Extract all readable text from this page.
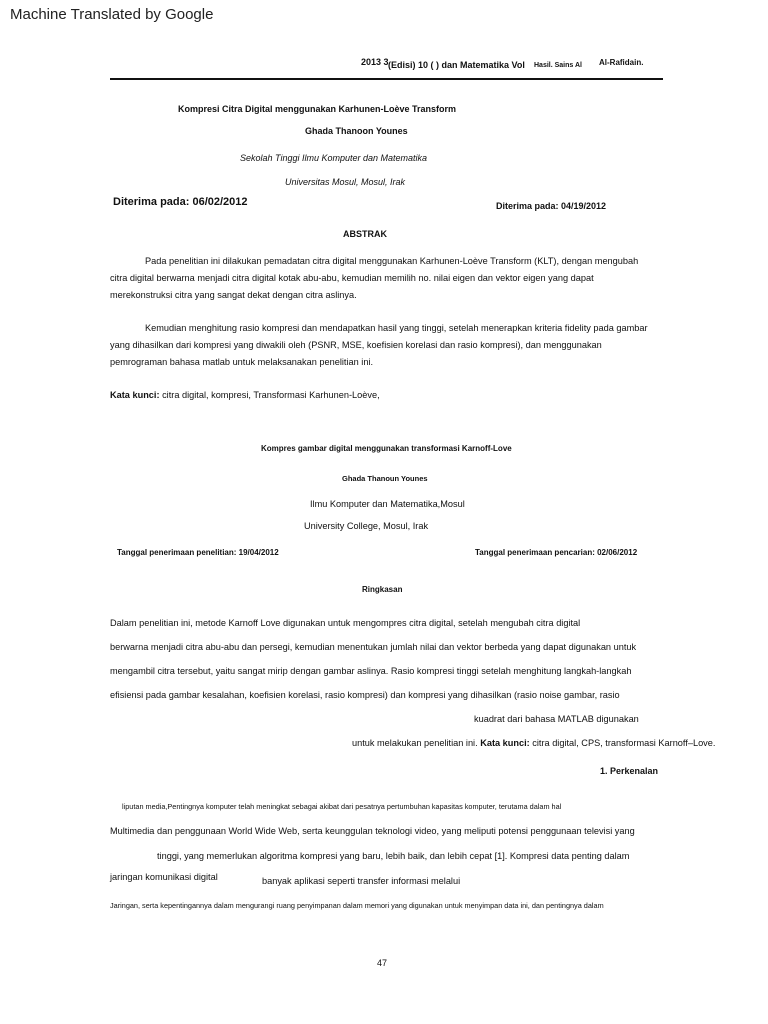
Machine Translated by Google
2013 3 (Edisi) 10 ( ) dan Matematika Vol Hasil. Sains Al Al-Rafidain.
Kompresi Citra Digital menggunakan Karhunen-Loève Transform
Ghada Thanoon Younes
Sekolah Tinggi Ilmu Komputer dan Matematika
Universitas Mosul, Mosul, Irak
Diterima pada: 06/02/2012	Diterima pada: 04/19/2012
ABSTRAK
Pada penelitian ini dilakukan pemadatan citra digital menggunakan Karhunen-Loève Transform (KLT), dengan mengubah
citra digital berwarna menjadi citra digital kotak abu-abu, kemudian memilih no. nilai eigen dan vektor eigen yang dapat
merekonstruksi citra yang sangat dekat dengan citra aslinya.
Kemudian menghitung rasio kompresi dan mendapatkan hasil yang tinggi, setelah menerapkan kriteria fidelity pada gambar
yang dihasilkan dari kompresi yang diwakili oleh (PSNR, MSE, koefisien korelasi dan rasio kompresi), dan menggunakan
pemrograman bahasa matlab untuk melaksanakan penelitian ini.
Kata kunci: citra digital, kompresi, Transformasi Karhunen-Loève,
Kompres gambar digital menggunakan transformasi Karnoff-Love
Ghada Thanoun Younes
Ilmu Komputer dan Matematika,Mosul
University College, Mosul, Irak
Tanggal penerimaan penelitian: 19/04/2012	Tanggal penerimaan pencarian: 02/06/2012
Ringkasan
Dalam penelitian ini, metode Karnoff Love digunakan untuk mengompres citra digital, setelah mengubah citra digital
berwarna menjadi citra abu-abu dan persegi, kemudian menentukan jumlah nilai dan vektor berbeda yang dapat digunakan untuk
mengambil citra tersebut, yaitu sangat mirip dengan gambar aslinya. Rasio kompresi tinggi setelah menghitung langkah-langkah
efisiensi pada gambar kesalahan, koefisien korelasi, rasio kompresi) dan kompresi yang dihasilkan (rasio noise gambar, rasio
kuadrat dari bahasa MATLAB digunakan
untuk melakukan penelitian ini. Kata kunci: citra digital, CPS, transformasi Karnoff–Love.
1. Perkenalan
liputan media,Pentingnya komputer telah meningkat sebagai akibat dari pesatnya pertumbuhan kapasitas komputer, terutama dalam hal
Multimedia dan penggunaan World Wide Web, serta keunggulan teknologi video, yang meliputi potensi penggunaan televisi yang
tinggi, yang memerlukan algoritma kompresi yang baru, lebih baik, dan lebih cepat [1]. Kompresi data penting dalam
jaringan komunikasi digital	banyak aplikasi seperti transfer informasi melalui
Jaringan, serta kepentingannya dalam mengurangi ruang penyimpanan dalam memori yang digunakan untuk menyimpan data ini, dan pentingnya dalam
47
